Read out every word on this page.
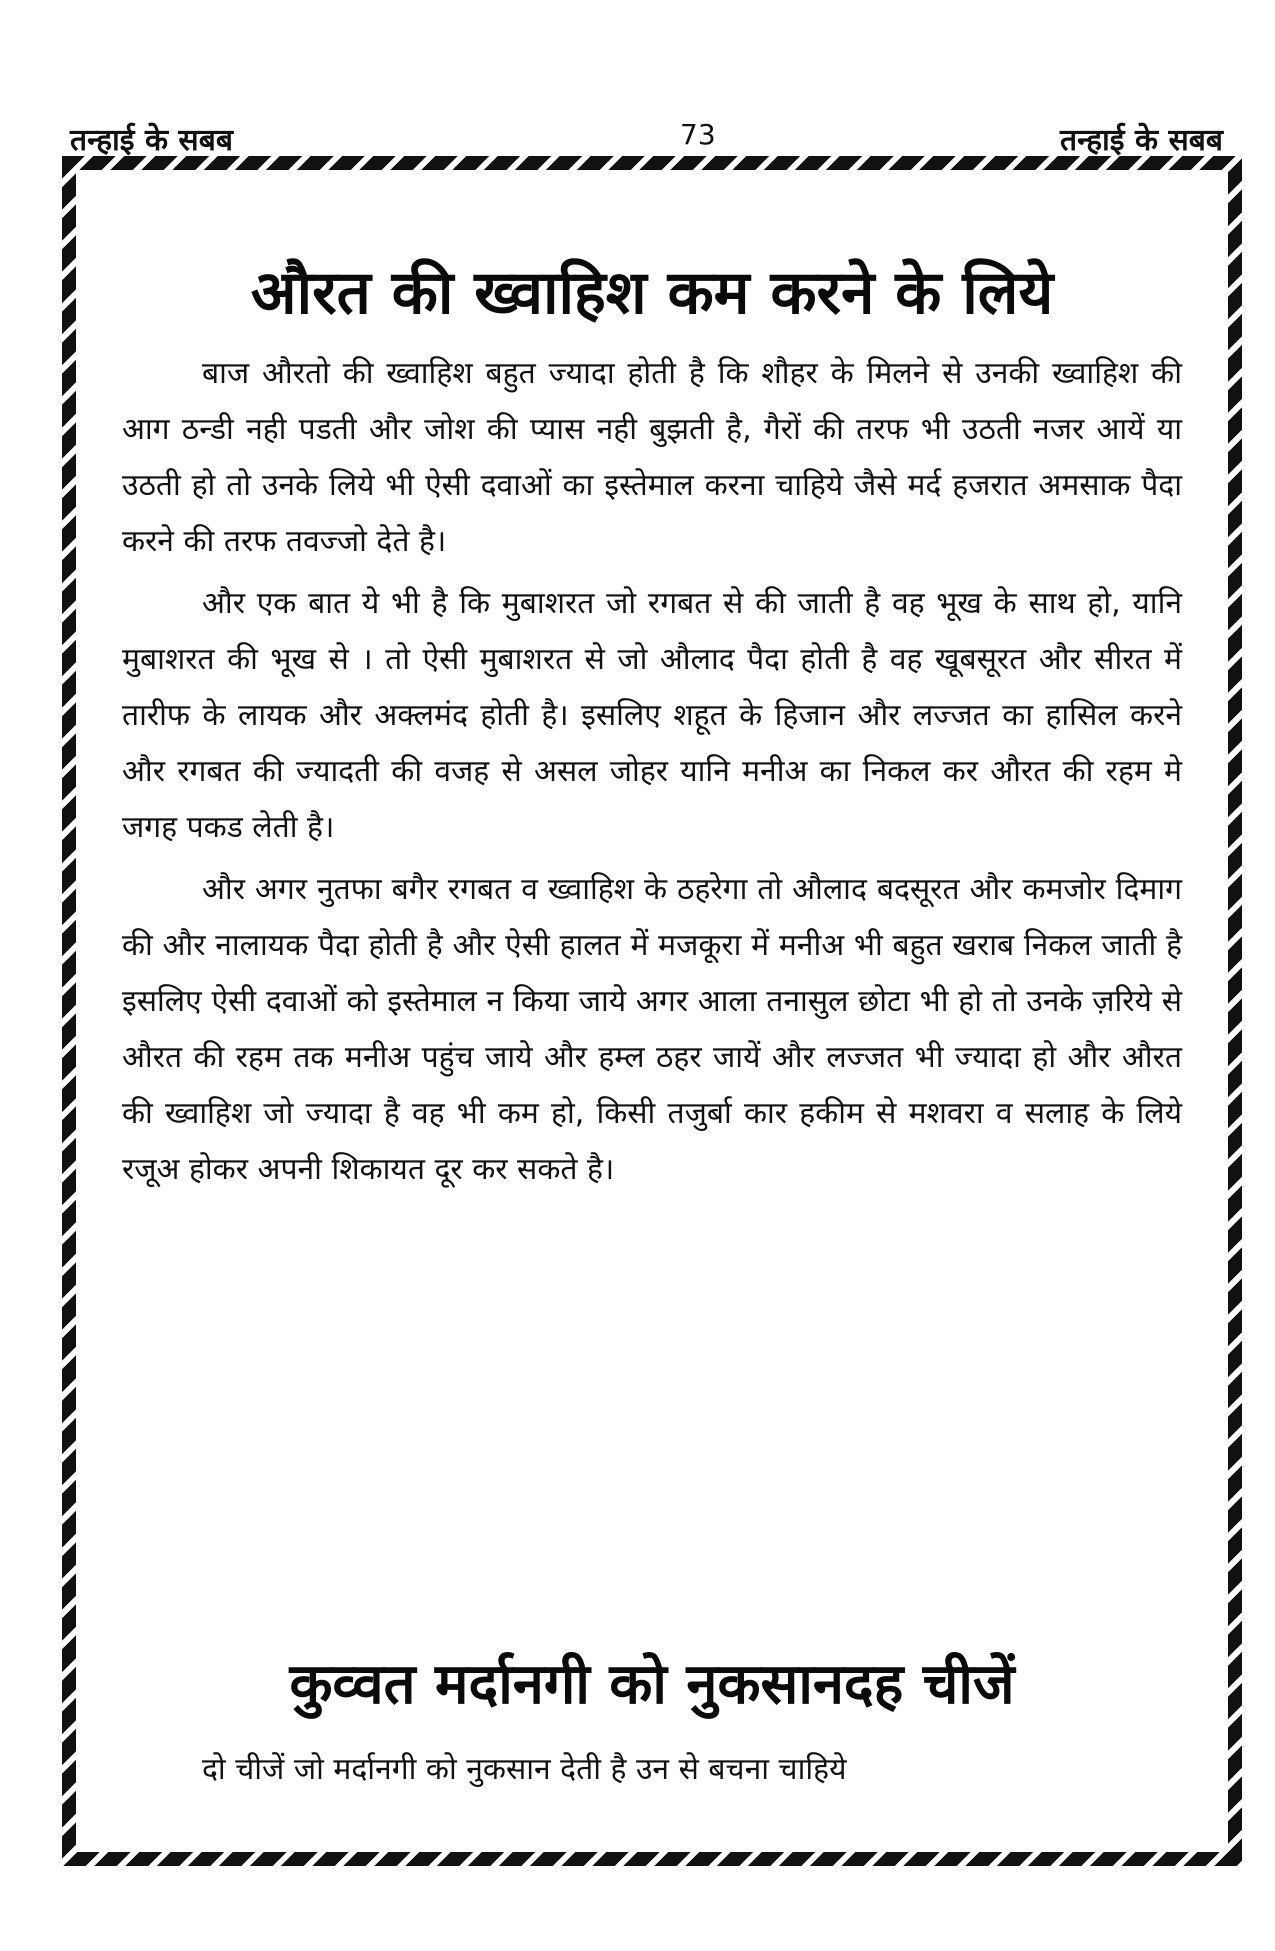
तन्हाई के सबब	73	तन्हाई के सबब
औरत की ख्वाहिश कम करने के लिये

बाज औरतो की ख्वाहिश बहुत ज्यादा होती है कि शौहर के मिलने से उनकी ख्वाहिश की आग ठन्डी नही पडती और जोश की प्यास नही बुझती है, गैरों की तरफ भी उठती नजर आयें या उठती हो तो उनके लिये भी ऐसी दवाओं का इस्तेमाल करना चाहिये जैसे मर्द हजरात अमसाक पैदा करने की तरफ तवज्जो देते है।

और एक बात ये भी है कि मुबाशरत जो रगबत से की जाती है वह भूख के साथ हो, यानि मुबाशरत की भूख से । तो ऐसी मुबाशरत से जो औलाद पैदा होती है वह खूबसूरत और सीरत में तारीफ के लायक और अक्लमंद होती है। इसलिए शहूत के हिजान और लज्जत का हासिल करने और रगबत की ज्यादती की वजह से असल जोहर यानि मनीअ का निकल कर औरत की रहम मे जगह पकड लेती है।

और अगर नुतफा बगैर रगबत व ख्वाहिश के ठहरेगा तो औलाद बदसूरत और कमजोर दिमाग की और नालायक पैदा होती है और ऐसी हालत में मजकूरा में मनीअ भी बहुत खराब निकल जाती है इसलिए ऐसी दवाओं को इस्तेमाल न किया जाये अगर आला तनासुल छोटा भी हो तो उनके ज़रिये से औरत की रहम तक मनीअ पहुंच जाये और हम्ल ठहर जायें और लज्जत भी ज्यादा हो और औरत की ख्वाहिश जो ज्यादा है वह भी कम हो, किसी तजुर्बा कार हकीम से मशवरा व सलाह के लिये रजूअ होकर अपनी शिकायत दूर कर सकते है।

कुव्वत मर्दानगी को नुकसानदह चीजें
दो चीजें जो मर्दानगी को नुकसान देती है उन से बचना चाहिये
